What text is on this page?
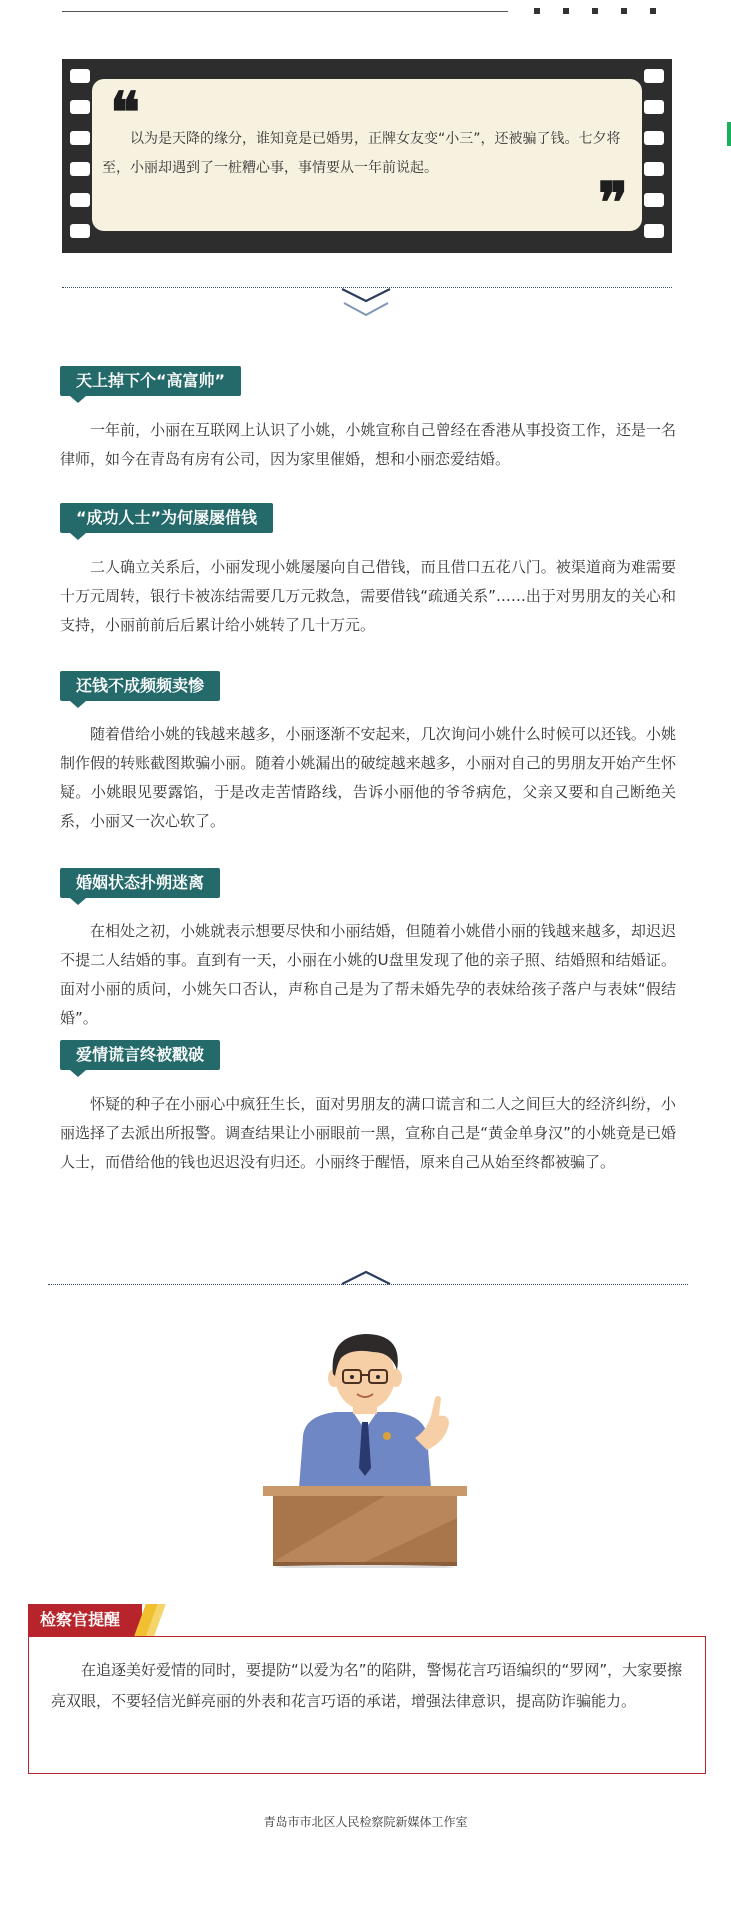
❝
以为是天降的缘分，谁知竟是已婚男，正牌女友变“小三”，还被骗了钱。七夕将至，小丽却遇到了一桩糟心事，事情要从一年前说起。
❞
天上掉下个“高富帅”
一年前，小丽在互联网上认识了小姚，小姚宣称自己曾经在香港从事投资工作，还是一名律师，如今在青岛有房有公司，因为家里催婚，想和小丽恋爱结婚。
“成功人士”为何屡屡借钱
二人确立关系后，小丽发现小姚屡屡向自己借钱，而且借口五花八门。被渠道商为难需要十万元周转，银行卡被冻结需要几万元救急，需要借钱“疏通关系”……出于对男朋友的关心和支持，小丽前前后后累计给小姚转了几十万元。
还钱不成频频卖惨
随着借给小姚的钱越来越多，小丽逐渐不安起来，几次询问小姚什么时候可以还钱。小姚制作假的转账截图欺骗小丽。随着小姚漏出的破绽越来越多，小丽对自己的男朋友开始产生怀疑。小姚眼见要露馅，于是改走苦情路线，告诉小丽他的爷爷病危，父亲又要和自己断绝关系，小丽又一次心软了。
婚姻状态扑朔迷离
在相处之初，小姚就表示想要尽快和小丽结婚，但随着小姚借小丽的钱越来越多，却迟迟不提二人结婚的事。直到有一天，小丽在小姚的U盘里发现了他的亲子照、结婚照和结婚证。面对小丽的质问，小姚矢口否认，声称自己是为了帮未婚先孕的表妹给孩子落户与表妹“假结婚”。
爱情谎言终被戳破
怀疑的种子在小丽心中疯狂生长，面对男朋友的满口谎言和二人之间巨大的经济纠纷，小丽选择了去派出所报警。调查结果让小丽眼前一黑，宣称自己是“黄金单身汉”的小姚竟是已婚人士，而借给他的钱也迟迟没有归还。小丽终于醒悟，原来自己从始至终都被骗了。
检察官提醒
在追逐美好爱情的同时，要提防“以爱为名”的陷阱，警惕花言巧语编织的“罗网”，大家要擦亮双眼，不要轻信光鲜亮丽的外表和花言巧语的承诺，增强法律意识，提高防诈骗能力。
青岛市市北区人民检察院新媒体工作室
